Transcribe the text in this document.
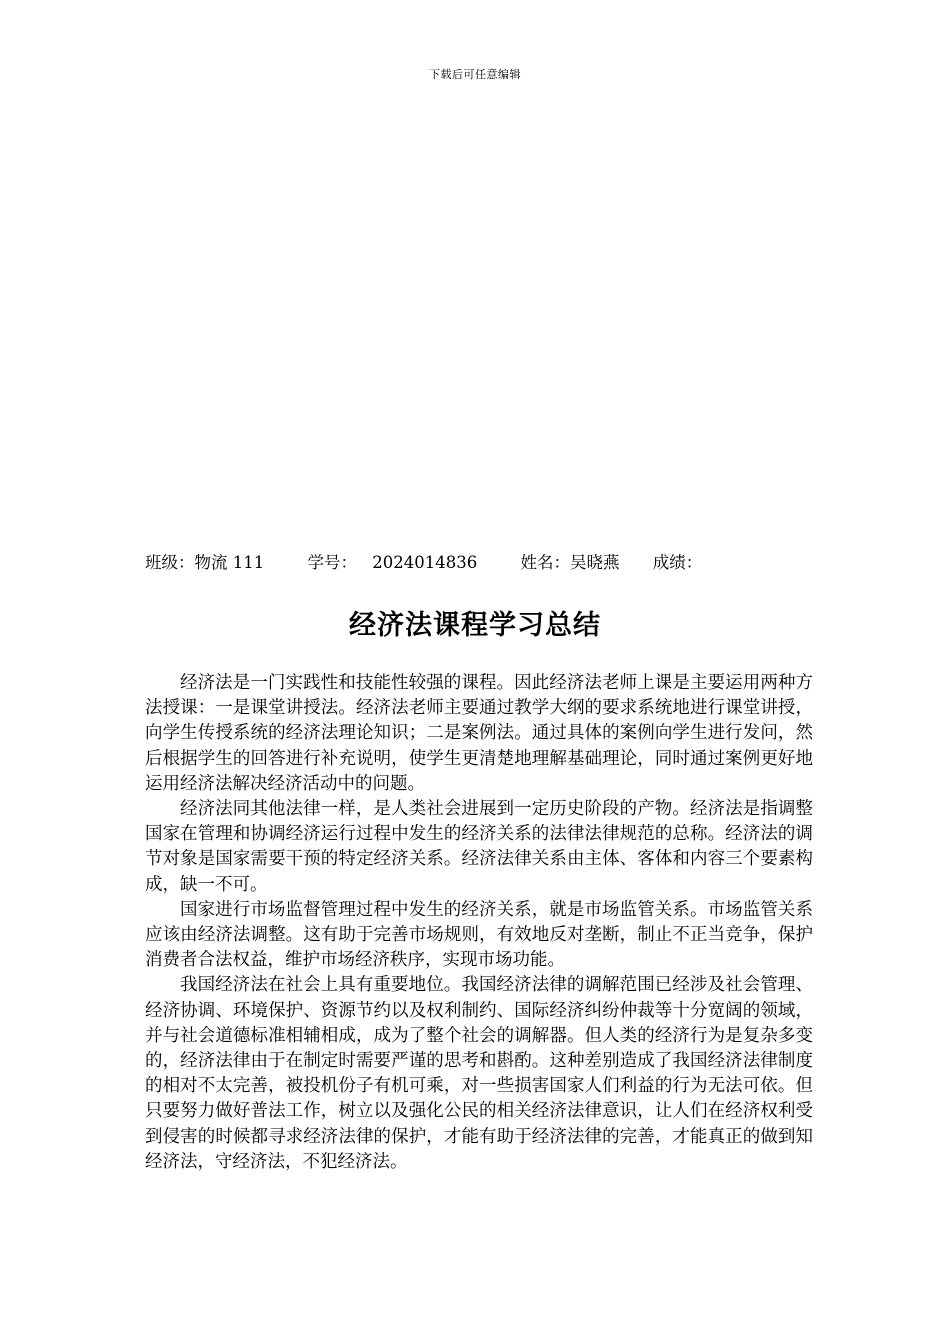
下载后可任意编辑
班级：物流 111	学号： 2024014836	姓名：吴晓燕 成绩：
经济法课程学习总结

经济法是一门实践性和技能性较强的课程。因此经济法老师上课是主要运用两种方法授课：一是课堂讲授法。经济法老师主要通过教学大纲的要求系统地进行课堂讲授，向学生传授系统的经济法理论知识；二是案例法。通过具体的案例向学生进行发问，然后根据学生的回答进行补充说明，使学生更清楚地理解基础理论，同时通过案例更好地运用经济法解决经济活动中的问题。

经济法同其他法律一样，是人类社会进展到一定历史阶段的产物。经济法是指调整国家在管理和协调经济运行过程中发生的经济关系的法律法律规范的总称。经济法的调节对象是国家需要干预的特定经济关系。经济法律关系由主体、客体和内容三个要素构成，缺一不可。

国家进行市场监督管理过程中发生的经济关系，就是市场监管关系。市场监管关系应该由经济法调整。这有助于完善市场规则，有效地反对垄断，制止不正当竞争，保护消费者合法权益，维护市场经济秩序，实现市场功能。

我国经济法在社会上具有重要地位。我国经济法律的调解范围已经涉及社会管理、经济协调、环境保护、资源节约以及权利制约、国际经济纠纷仲裁等十分宽阔的领域，并与社会道德标准相辅相成，成为了整个社会的调解器。但人类的经济行为是复杂多变的，经济法律由于在制定时需要严谨的思考和斟酌。这种差别造成了我国经济法律制度的相对不太完善，被投机份子有机可乘，对一些损害国家人们利益的行为无法可依。但只要努力做好普法工作，树立以及强化公民的相关经济法律意识，让人们在经济权利受到侵害的时候都寻求经济法律的保护，才能有助于经济法律的完善，才能真正的做到知经济法，守经济法，不犯经济法。
